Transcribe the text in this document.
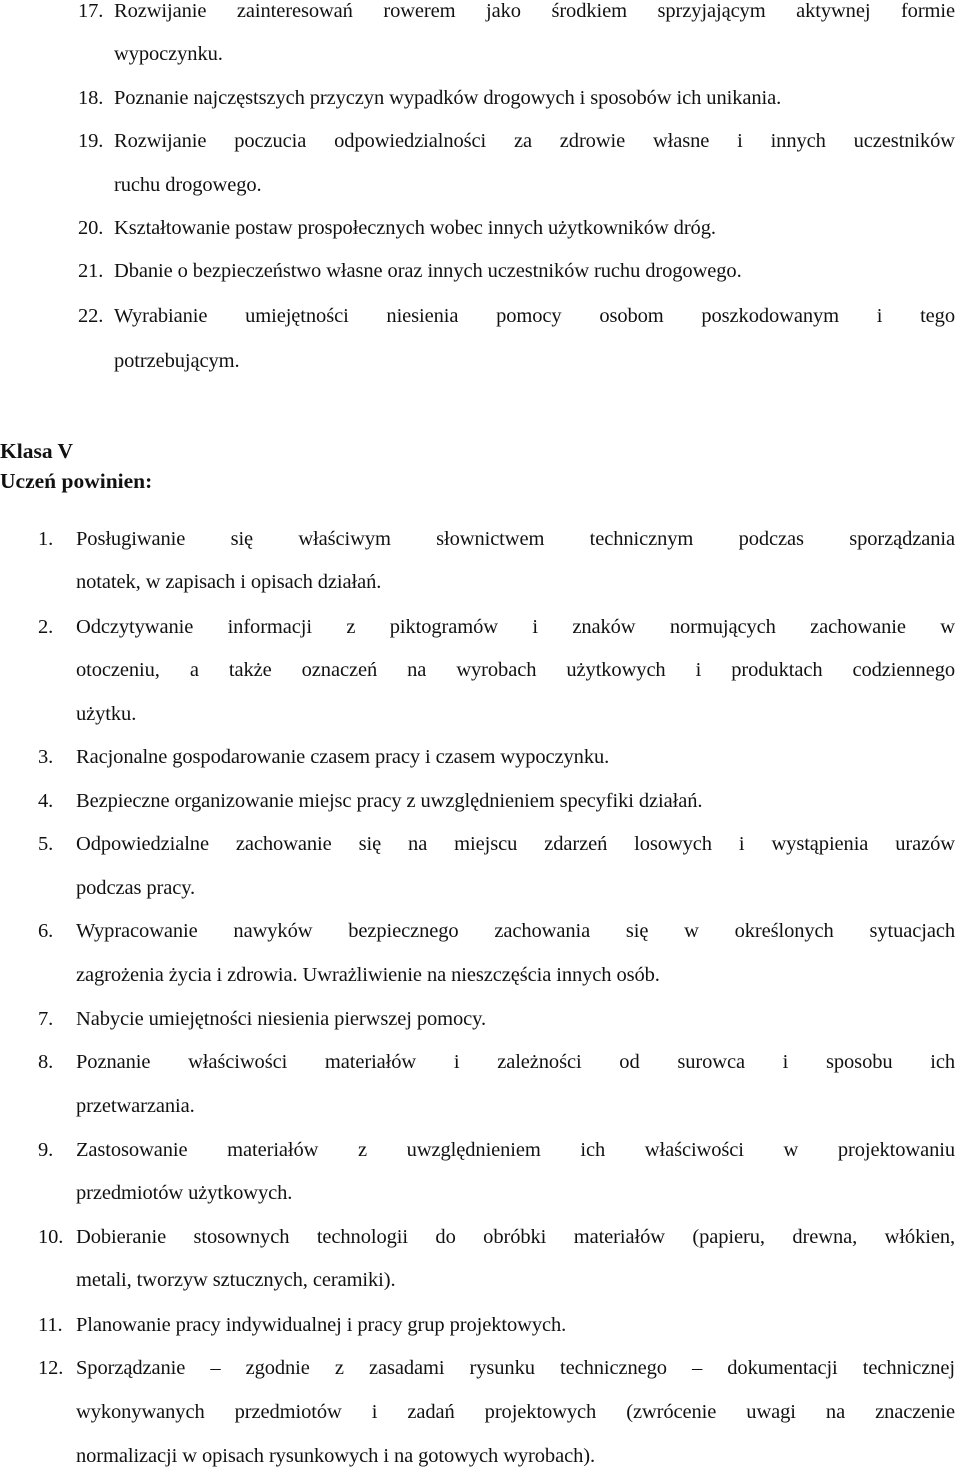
17. Rozwijanie zainteresowań rowerem jako środkiem sprzyjającym aktywnej formie
wypoczynku.
18. Poznanie najczęstszych przyczyn wypadków drogowych i sposobów ich unikania.
19. Rozwijanie poczucia odpowiedzialności za zdrowie własne i innych uczestników
ruchu drogowego.
20. Kształtowanie postaw prospołecznych wobec innych użytkowników dróg.
21. Dbanie o bezpieczeństwo własne oraz innych uczestników ruchu drogowego.
22. Wyrabianie umiejętności niesienia pomocy osobom poszkodowanym i tego
potrzebującym.
Klasa V
Uczeń powinien:
1. Posługiwanie się właściwym słownictwem technicznym podczas sporządzania
notatek, w zapisach i opisach działań.
2. Odczytywanie informacji z piktogramów i znaków normujących zachowanie w
otoczeniu, a także oznaczeń na wyrobach użytkowych i produktach codziennego
użytku.
3. Racjonalne gospodarowanie czasem pracy i czasem wypoczynku.
4. Bezpieczne organizowanie miejsc pracy z uwzględnieniem specyfiki działań.
5. Odpowiedzialne zachowanie się na miejscu zdarzeń losowych i wystąpienia urazów
podczas pracy.
6. Wypracowanie nawyków bezpiecznego zachowania się w określonych sytuacjach
zagrożenia życia i zdrowia. Uwrażliwienie na nieszczęścia innych osób.
7. Nabycie umiejętności niesienia pierwszej pomocy.
8. Poznanie właściwości materiałów i zależności od surowca i sposobu ich
przetwarzania.
9. Zastosowanie materiałów z uwzględnieniem ich właściwości w projektowaniu
przedmiotów użytkowych.
10. Dobieranie stosownych technologii do obróbki materiałów (papieru, drewna, włókien,
metali, tworzyw sztucznych, ceramiki).
11. Planowanie pracy indywidualnej i pracy grup projektowych.
12. Sporządzanie – zgodnie z zasadami rysunku technicznego – dokumentacji technicznej
wykonywanych przedmiotów i zadań projektowych (zwrócenie uwagi na znaczenie
normalizacji w opisach rysunkowych i na gotowych wyrobach).
